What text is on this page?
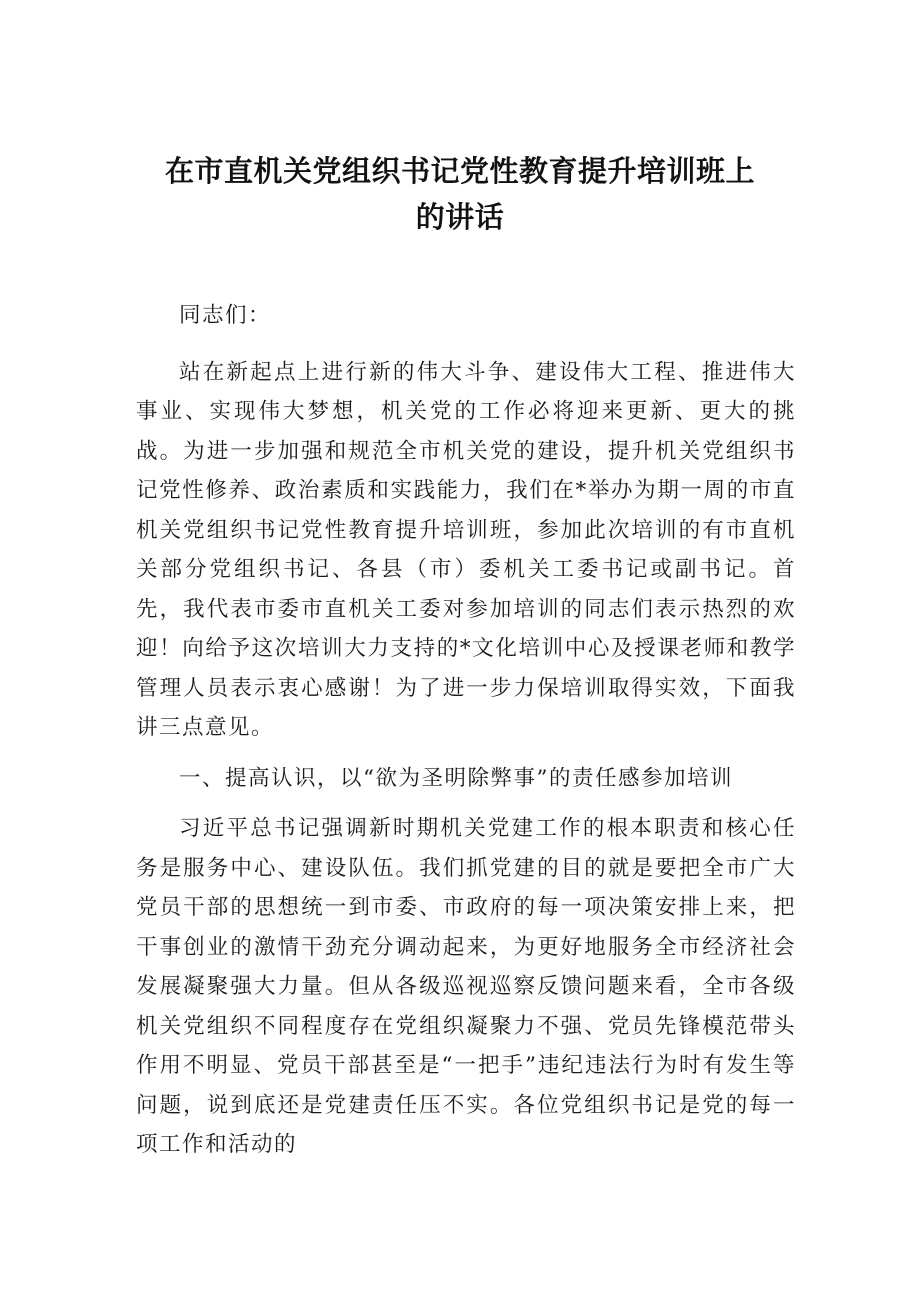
在市直机关党组织书记党性教育提升培训班上
的讲话

同志们：

站在新起点上进行新的伟大斗争、建设伟大工程、推进伟大事业、实现伟大梦想，机关党的工作必将迎来更新、更大的挑战。为进一步加强和规范全市机关党的建设，提升机关党组织书记党性修养、政治素质和实践能力，我们在*举办为期一周的市直机关党组织书记党性教育提升培训班，参加此次培训的有市直机关部分党组织书记、各县（市）委机关工委书记或副书记。首先，我代表市委市直机关工委对参加培训的同志们表示热烈的欢迎！向给予这次培训大力支持的*文化培训中心及授课老师和教学管理人员表示衷心感谢！为了进一步力保培训取得实效，下面我讲三点意见。

一、提高认识，以“欲为圣明除弊事”的责任感参加培训

习近平总书记强调新时期机关党建工作的根本职责和核心任务是服务中心、建设队伍。我们抓党建的目的就是要把全市广大党员干部的思想统一到市委、市政府的每一项决策安排上来，把干事创业的激情干劲充分调动起来，为更好地服务全市经济社会发展凝聚强大力量。但从各级巡视巡察反馈问题来看，全市各级机关党组织不同程度存在党组织凝聚力不强、党员先锋模范带头作用不明显、党员干部甚至是“一把手”违纪违法行为时有发生等问题，说到底还是党建责任压不实。各位党组织书记是党的每一项工作和活动的
